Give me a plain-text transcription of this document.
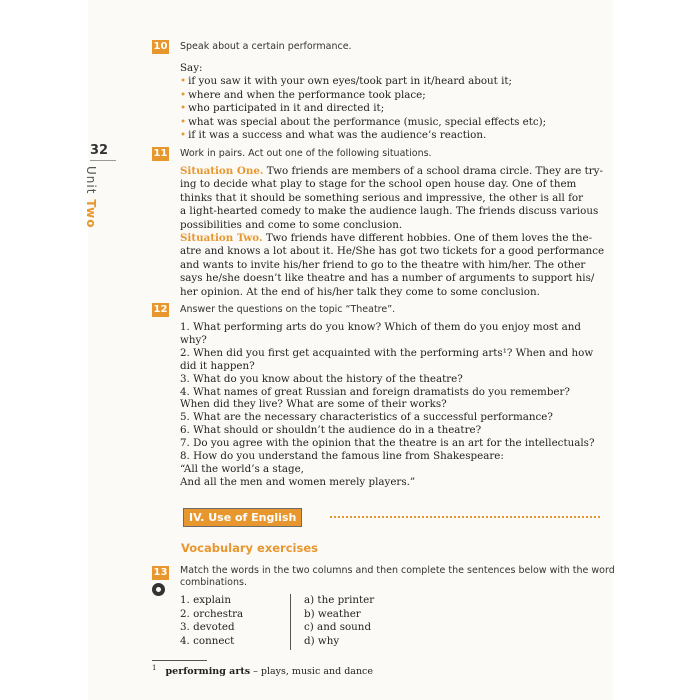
32
Unit Two
10 Speak about a certain performance.
Say:
• if you saw it with your own eyes/took part in it/heard about it;
• where and when the performance took place;
• who participated in it and directed it;
• what was special about the performance (music, special effects etc);
• if it was a success and what was the audience’s reaction.
11 Work in pairs. Act out one of the following situations.
Situation One. Two friends are members of a school drama circle. They are try-
ing to decide what play to stage for the school open house day. One of them
thinks that it should be something serious and impressive, the other is all for
a light-hearted comedy to make the audience laugh. The friends discuss various
possibilities and come to some conclusion.
Situation Two. Two friends have different hobbies. One of them loves the the-
atre and knows a lot about it. He/She has got two tickets for a good performance
and wants to invite his/her friend to go to the theatre with him/her. The other
says he/she doesn’t like theatre and has a number of arguments to support his/
her opinion. At the end of his/her talk they come to some conclusion.
12 Answer the questions on the topic “Theatre”.
1. What performing arts do you know? Which of them do you enjoy most and
why?
2. When did you first get acquainted with the performing arts¹? When and how
did it happen?
3. What do you know about the history of the theatre?
4. What names of great Russian and foreign dramatists do you remember?
When did they live? What are some of their works?
5. What are the necessary characteristics of a successful performance?
6. What should or shouldn’t the audience do in a theatre?
7. Do you agree with the opinion that the theatre is an art for the intellectuals?
8. How do you understand the famous line from Shakespeare:
“All the world’s a stage,
And all the men and women merely players.”
IV. Use of English
Vocabulary exercises
13 Match the words in the two columns and then complete the sentences below with the word
combinations.
1. explain
2. orchestra
3. devoted
4. connect
a) the printer
b) weather
c) and sound
d) why
$^1$ performing arts – plays, music and dance
